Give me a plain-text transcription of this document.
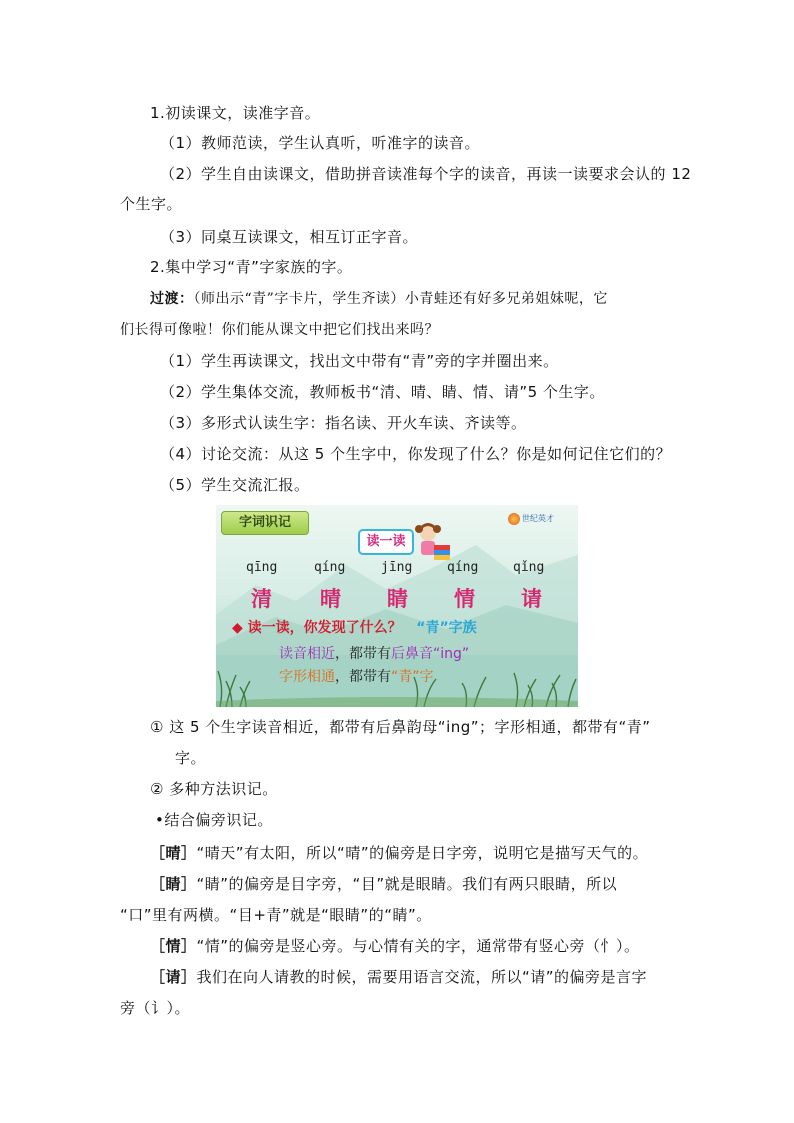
1.初读课文，读准字音。
（1）教师范读，学生认真听，听准字的读音。
（2）学生自由读课文，借助拼音读准每个字的读音，再读一读要求会认的 12
个生字。
（3）同桌互读课文，相互订正字音。
2.集中学习“青”字家族的字。
过渡：（师出示“青”字卡片，学生齐读）小青蛙还有好多兄弟姐妹呢，它
们长得可像啦！你们能从课文中把它们找出来吗？
（1）学生再读课文，找出文中带有“青”旁的字并圈出来。
（2）学生集体交流，教师板书“清、晴、睛、情、请”5 个生字。
（3）多形式认读生字：指名读、开火车读、齐读等。
（4）讨论交流：从这 5 个生字中，你发现了什么？你是如何记住它们的？
（5）学生交流汇报。
字词识记	世纪英才
读一读
qīng	qíng	jīng	qíng	qǐng
清 晴 睛 情 请
◆ 读一读，你发现了什么？ “青”字族
读音相近，都带有后鼻音“ing”
字形相通，都带有“青”字
① 这 5 个生字读音相近，都带有后鼻韵母“ing”；字形相通，都带有“青”
字。
② 多种方法识记。
•结合偏旁识记。
［晴］“晴天”有太阳，所以“晴”的偏旁是日字旁，说明它是描写天气的。
［睛］“睛”的偏旁是目字旁，“目”就是眼睛。我们有两只眼睛，所以
“口”里有两横。“目+青”就是“眼睛”的“睛”。
［情］“情”的偏旁是竖心旁。与心情有关的字，通常带有竖心旁（忄）。
［请］我们在向人请教的时候，需要用语言交流，所以“请”的偏旁是言字
旁（讠）。
